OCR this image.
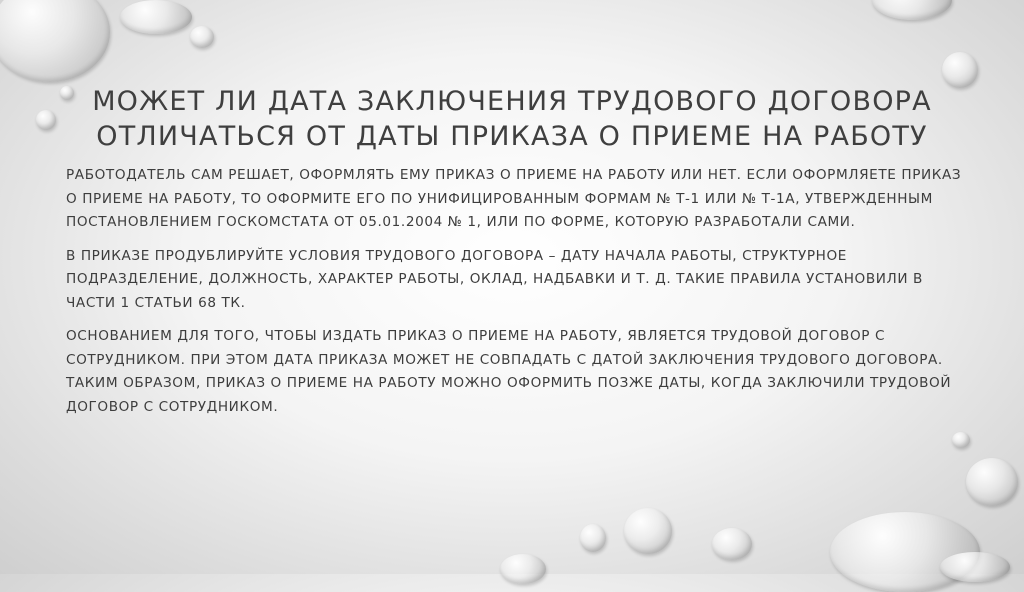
МОЖЕТ ЛИ ДАТА ЗАКЛЮЧЕНИЯ ТРУДОВОГО ДОГОВОРА
ОТЛИЧАТЬСЯ ОТ ДАТЫ ПРИКАЗА О ПРИЕМЕ НА РАБОТУ

РАБОТОДАТЕЛЬ САМ РЕШАЕТ, ОФОРМЛЯТЬ ЕМУ ПРИКАЗ О ПРИЕМЕ НА РАБОТУ ИЛИ НЕТ. ЕСЛИ ОФОРМЛЯЕТЕ ПРИКАЗ О ПРИЕМЕ НА РАБОТУ, ТО ОФОРМИТЕ ЕГО ПО УНИФИЦИРОВАННЫМ ФОРМАМ № Т-1 ИЛИ № Т-1А, УТВЕРЖДЕННЫМ ПОСТАНОВЛЕНИЕМ ГОСКОМСТАТА ОТ 05.01.2004 № 1, ИЛИ ПО ФОРМЕ, КОТОРУЮ РАЗРАБОТАЛИ САМИ.

В ПРИКАЗЕ ПРОДУБЛИРУЙТЕ УСЛОВИЯ ТРУДОВОГО ДОГОВОРА – ДАТУ НАЧАЛА РАБОТЫ, СТРУКТУРНОЕ ПОДРАЗДЕЛЕНИЕ, ДОЛЖНОСТЬ, ХАРАКТЕР РАБОТЫ, ОКЛАД, НАДБАВКИ И Т. Д. ТАКИЕ ПРАВИЛА УСТАНОВИЛИ В ЧАСТИ 1 СТАТЬИ 68 ТК.

ОСНОВАНИЕМ ДЛЯ ТОГО, ЧТОБЫ ИЗДАТЬ ПРИКАЗ О ПРИЕМЕ НА РАБОТУ, ЯВЛЯЕТСЯ ТРУДОВОЙ ДОГОВОР С СОТРУДНИКОМ. ПРИ ЭТОМ ДАТА ПРИКАЗА МОЖЕТ НЕ СОВПАДАТЬ С ДАТОЙ ЗАКЛЮЧЕНИЯ ТРУДОВОГО ДОГОВОРА. ТАКИМ ОБРАЗОМ, ПРИКАЗ О ПРИЕМЕ НА РАБОТУ МОЖНО ОФОРМИТЬ ПОЗЖЕ ДАТЫ, КОГДА ЗАКЛЮЧИЛИ ТРУДОВОЙ ДОГОВОР С СОТРУДНИКОМ.
